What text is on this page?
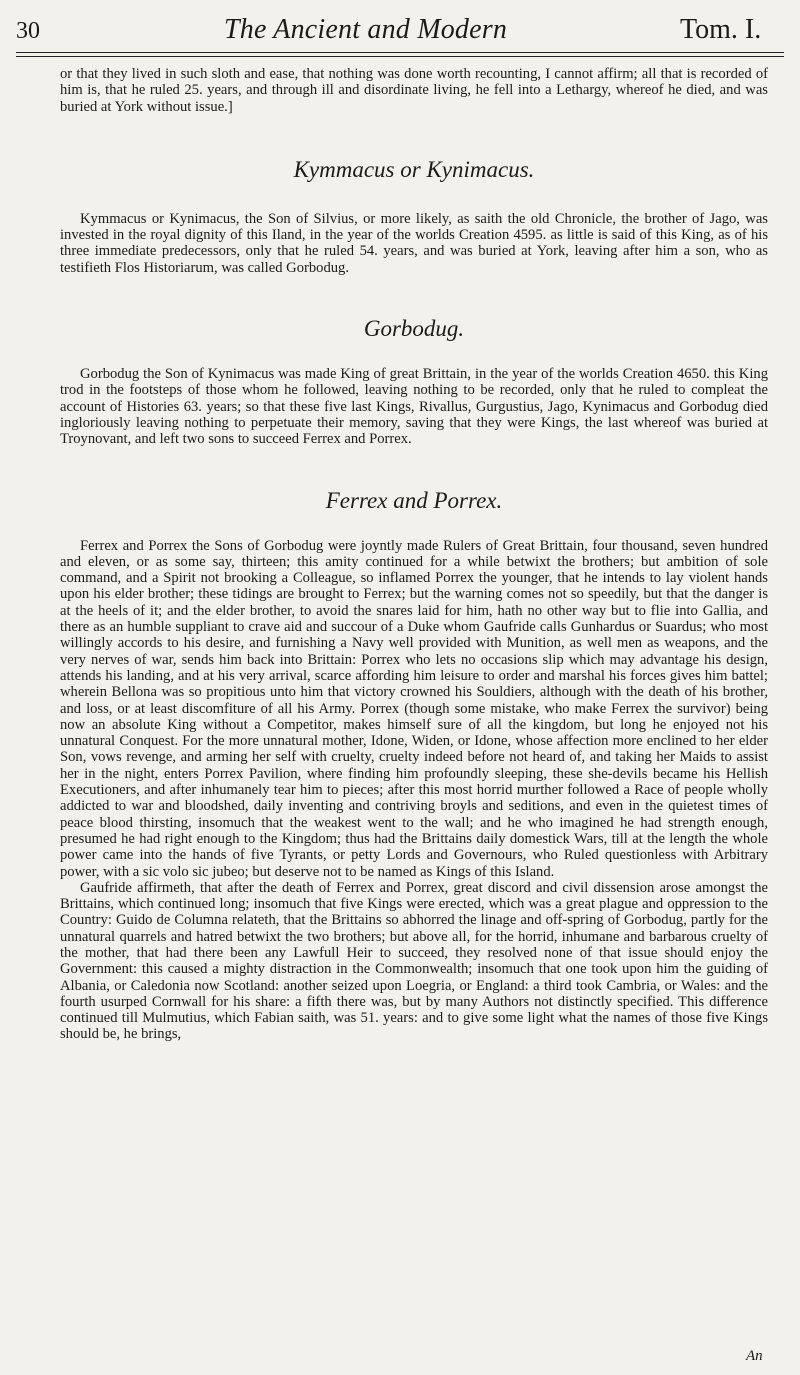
30	The Ancient and Modern	Tom. I.

or that they lived in such sloth and ease, that nothing was done worth recounting, I cannot affirm; all that is recorded of him is, that he ruled 25. years, and through ill and disordinate living, he fell into a Lethargy, whereof he died, and was buried at York without issue.]

Kymmacus or Kynimacus.

Kymmacus or Kynimacus, the Son of Silvius, or more likely, as saith the old Chronicle, the brother of Jago, was invested in the royal dignity of this Iland, in the year of the worlds Creation 4595. as little is said of this King, as of his three immediate predecessors, only that he ruled 54. years, and was buried at York, leaving after him a son, who as testifieth Flos Historiarum, was called Gorbodug.

Gorbodug.

Gorbodug the Son of Kynimacus was made King of great Brittain, in the year of the worlds Creation 4650. this King trod in the footsteps of those whom he followed, leaving nothing to be recorded, only that he ruled to compleat the account of Histories 63. years; so that these five last Kings, Rivallus, Gurgustius, Jago, Kynimacus and Gorbodug died ingloriously leaving nothing to perpetuate their memory, saving that they were Kings, the last whereof was buried at Troynovant, and left two sons to succeed Ferrex and Porrex.

Ferrex and Porrex.

Ferrex and Porrex the Sons of Gorbodug were joyntly made Rulers of Great Brittain, four thousand, seven hundred and eleven, or as some say, thirteen; this amity continued for a while betwixt the brothers; but ambition of sole command, and a Spirit not brooking a Colleague, so inflamed Porrex the younger, that he intends to lay violent hands upon his elder brother; these tidings are brought to Ferrex; but the warning comes not so speedily, but that the danger is at the heels of it; and the elder brother, to avoid the snares laid for him, hath no other way but to flie into Gallia, and there as an humble suppliant to crave aid and succour of a Duke whom Gaufride calls Gunhardus or Suardus; who most willingly accords to his desire, and furnishing a Navy well provided with Munition, as well men as weapons, and the very nerves of war, sends him back into Brittain: Porrex who lets no occasions slip which may advantage his design, attends his landing, and at his very arrival, scarce affording him leisure to order and marshal his forces gives him battel; wherein Bellona was so propitious unto him that victory crowned his Souldiers, although with the death of his brother, and loss, or at least discomfiture of all his Army. Porrex (though some mistake, who make Ferrex the survivor) being now an absolute King without a Competitor, makes himself sure of all the kingdom, but long he enjoyed not his unnatural Conquest. For the more unnatural mother, Idone, Widen, or Idone, whose affection more enclined to her elder Son, vows revenge, and arming her self with cruelty, cruelty indeed before not heard of, and taking her Maids to assist her in the night, enters Porrex Pavilion, where finding him profoundly sleeping, these she-devils became his Hellish Executioners, and after inhumanely tear him to pieces; after this most horrid murther followed a Race of people wholly addicted to war and bloodshed, daily inventing and contriving broyls and seditions, and even in the quietest times of peace blood thirsting, insomuch that the weakest went to the wall; and he who imagined he had strength enough, presumed he had right enough to the Kingdom; thus had the Brittains daily domestick Wars, till at the length the whole power came into the hands of five Tyrants, or petty Lords and Governours, who Ruled questionless with Arbitrary power, with a sic volo sic jubeo; but deserve not to be named as Kings of this Island.

Gaufride affirmeth, that after the death of Ferrex and Porrex, great discord and civil dissension arose amongst the Brittains, which continued long; insomuch that five Kings were erected, which was a great plague and oppression to the Country: Guido de Columna relateth, that the Brittains so abhorred the linage and off-spring of Gorbodug, partly for the unnatural quarrels and hatred betwixt the two brothers; but above all, for the horrid, inhumane and barbarous cruelty of the mother, that had there been any Lawfull Heir to succeed, they resolved none of that issue should enjoy the Government: this caused a mighty distraction in the Commonwealth; insomuch that one took upon him the guiding of Albania, or Caledonia now Scotland: another seized upon Loegria, or England: a third took Cambria, or Wales: and the fourth usurped Cornwall for his share: a fifth there was, but by many Authors not distinctly specified. This difference continued till Mulmutius, which Fabian saith, was 51. years: and to give some light what the names of those five Kings should be, he brings,

An
